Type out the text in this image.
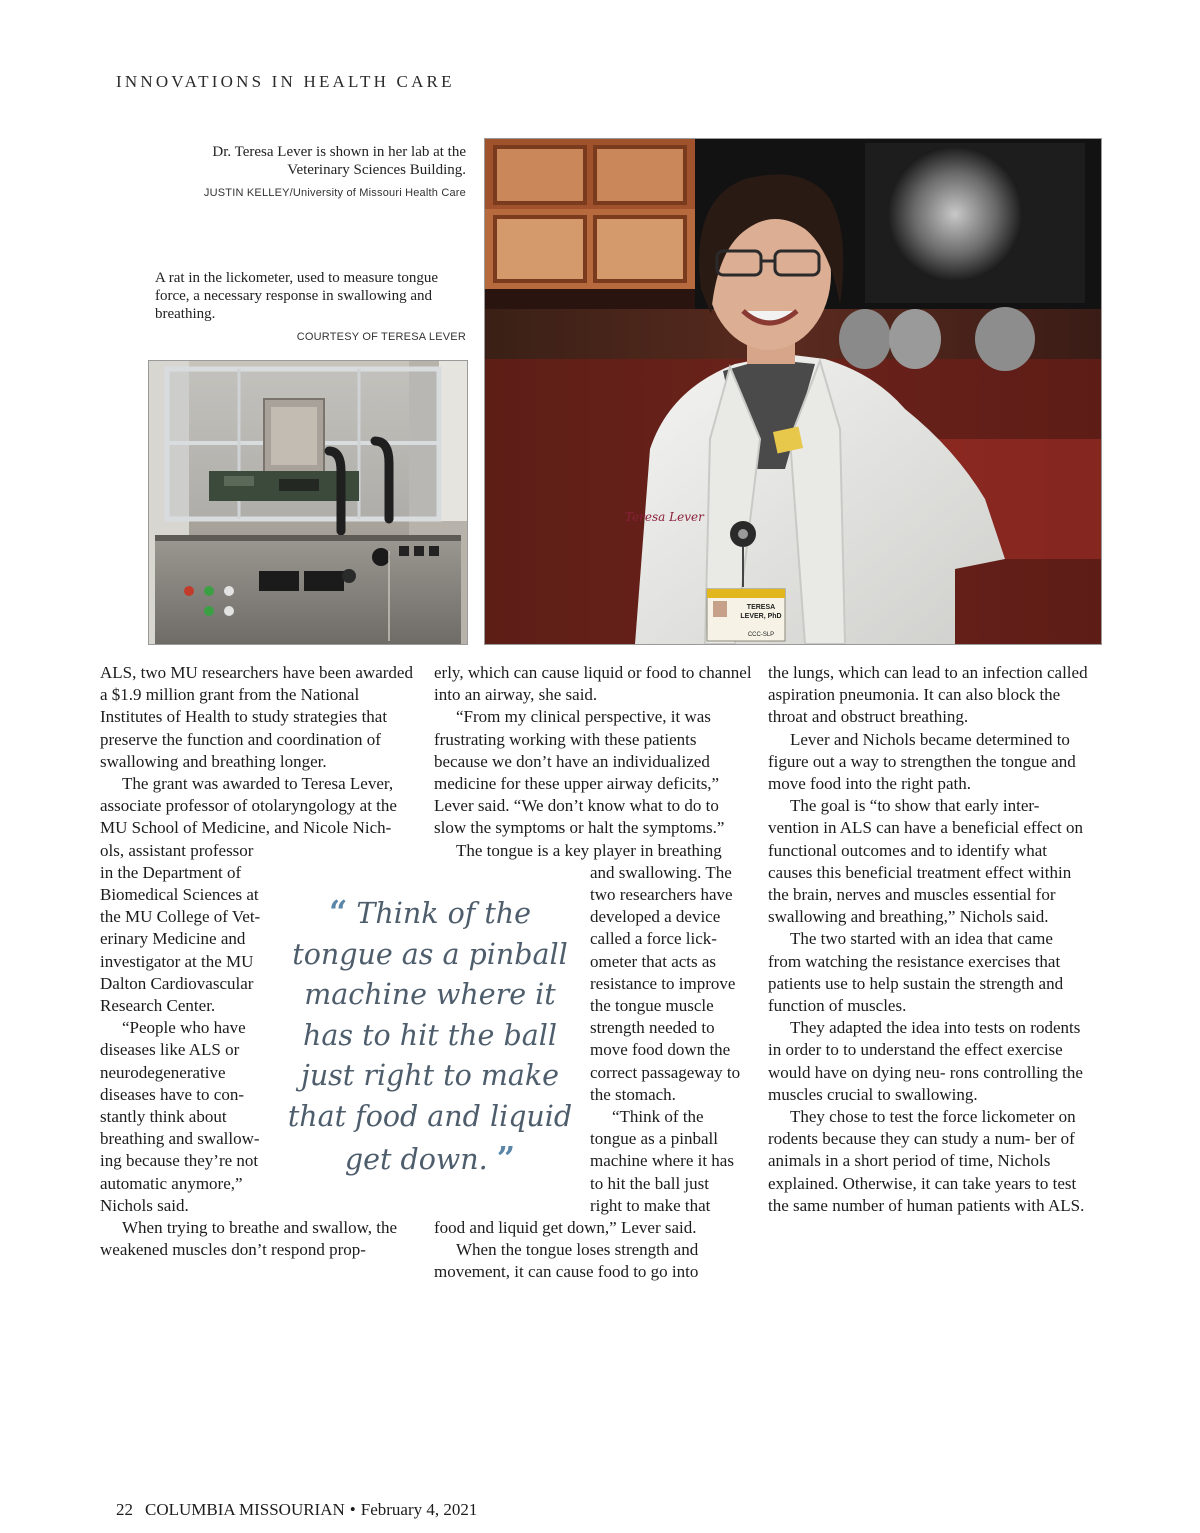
INNOVATIONS IN HEALTH CARE
Dr. Teresa Lever is shown in her lab at the Veterinary Sciences Building.
JUSTIN KELLEY/University of Missouri Health Care
A rat in the lickometer, used to measure tongue force, a necessary response in swallowing and breathing.
COURTESY OF TERESA LEVER
Teresa Lever
TERESA
LEVER, PhD
CCC-SLP

ALS, two MU researchers have been awarded a $1.9 million grant from the National Institutes of Health to study strategies that preserve the function and coordination of swallowing and breathing longer.

The grant was awarded to Teresa Lever, associate professor of otolaryngology at the MU School of Medicine, and Nicole Nich-

ols, assistant professor
in the Department of
Biomedical Sciences at
the MU College of Vet-
erinary Medicine and
investigator at the MU
Dalton Cardiovascular
Research Center.
“People who have
diseases like ALS or
neurodegenerative
diseases have to con-
stantly think about
breathing and swallow-
ing because they’re not
automatic anymore,”
Nichols said.

When trying to breathe and swallow, the weakened muscles don’t respond prop-

erly, which can cause liquid or food to channel into an airway, she said.

“From my clinical perspective, it was frustrating working with these patients because we don’t have an individualized medicine for these upper airway deficits,” Lever said. “We don’t know what to do to slow the symptoms or halt the symptoms.”

The tongue is a key player in breathing

and swallowing. The
two researchers have
developed a device
called a force lick-
ometer that acts as
resistance to improve
the tongue muscle
strength needed to
move food down the
correct passageway to
the stomach.
“Think of the
tongue as a pinball
machine where it has
to hit the ball just
right to make that

food and liquid get down,” Lever said.

When the tongue loses strength and movement, it can cause food to go into

the lungs, which can lead to an infection called aspiration pneumonia. It can also block the throat and obstruct breathing.

Lever and Nichols became determined to figure out a way to strengthen the tongue and move food into the right path.

The goal is “to show that early inter- vention in ALS can have a beneficial effect on functional outcomes and to identify what causes this beneficial treatment effect within the brain, nerves and muscles essential for swallowing and breathing,” Nichols said.

The two started with an idea that came from watching the resistance exercises that patients use to help sustain the strength and function of muscles.

They adapted the idea into tests on rodents in order to to understand the effect exercise would have on dying neu- rons controlling the muscles crucial to swallowing.

They chose to test the force lickometer on rodents because they can study a num- ber of animals in a short period of time, Nichols explained. Otherwise, it can take years to test the same number of human patients with ALS.

“ Think of the tongue as a pinball machine where it has to hit the ball just right to make that food and liquid get down. ”
22 COLUMBIA MISSOURIAN • February 4, 2021
